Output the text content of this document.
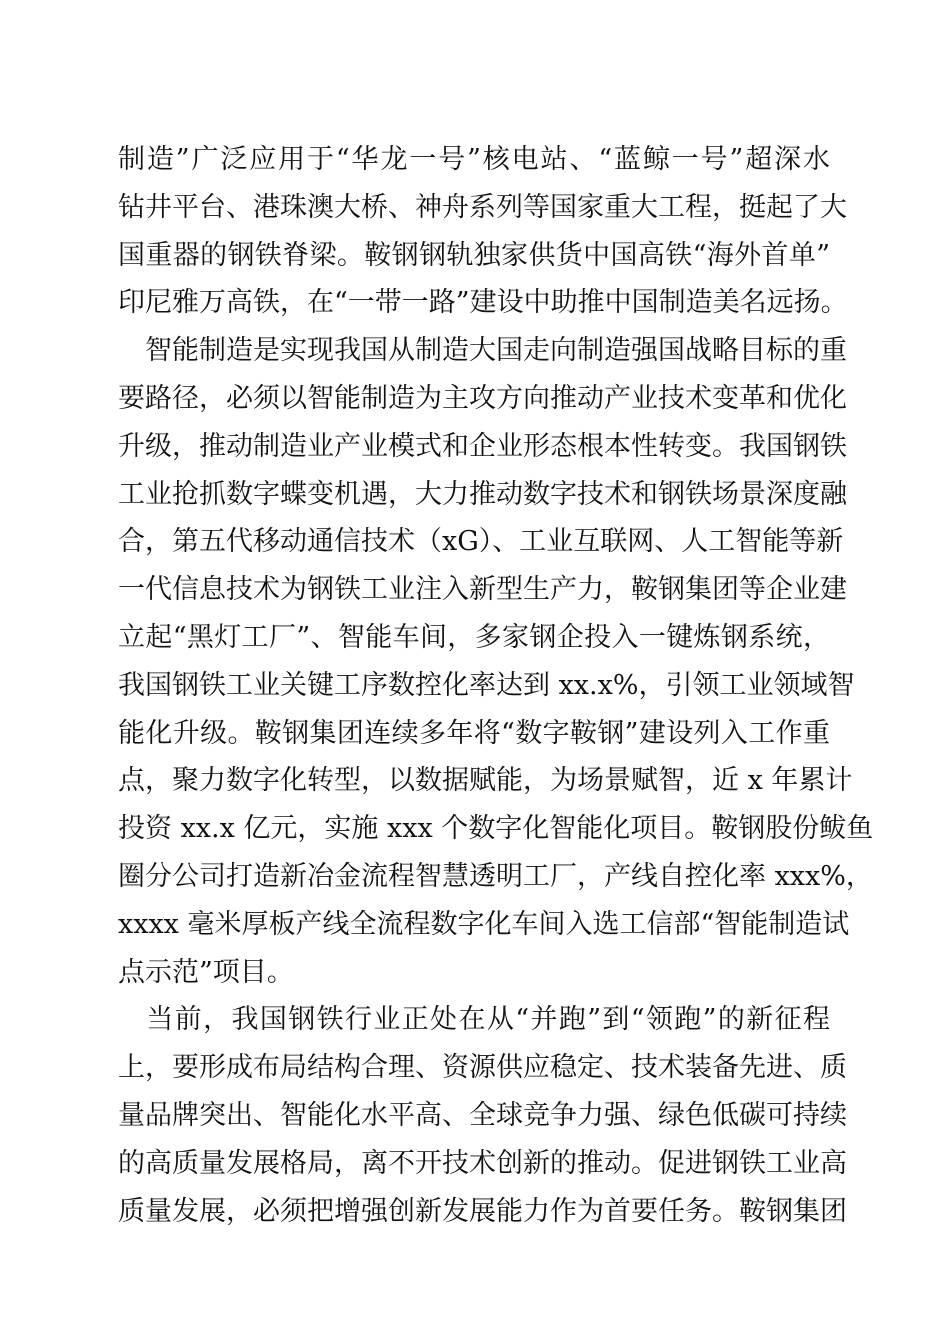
制造”广泛应用于“华龙一号”核电站、“蓝鲸一号”超深水
钻井平台、港珠澳大桥、神舟系列等国家重大工程，挺起了大
国重器的钢铁脊梁。鞍钢钢轨独家供货中国高铁“海外首单”
印尼雅万高铁，在“一带一路”建设中助推中国制造美名远扬。
　智能制造是实现我国从制造大国走向制造强国战略目标的重
要路径，必须以智能制造为主攻方向推动产业技术变革和优化
升级，推动制造业产业模式和企业形态根本性转变。我国钢铁
工业抢抓数字蝶变机遇，大力推动数字技术和钢铁场景深度融
合，第五代移动通信技术（xG）、工业互联网、人工智能等新
一代信息技术为钢铁工业注入新型生产力，鞍钢集团等企业建
立起“黑灯工厂”、智能车间，多家钢企投入一键炼钢系统，
我国钢铁工业关键工序数控化率达到 xx.x%，引领工业领域智
能化升级。鞍钢集团连续多年将“数字鞍钢”建设列入工作重
点，聚力数字化转型，以数据赋能，为场景赋智，近 x 年累计
投资 xx.x 亿元，实施 xxx 个数字化智能化项目。鞍钢股份鲅鱼
圈分公司打造新冶金流程智慧透明工厂，产线自控化率 xxx%，
xxxx 毫米厚板产线全流程数字化车间入选工信部“智能制造试
点示范”项目。
　当前，我国钢铁行业正处在从“并跑”到“领跑”的新征程
上，要形成布局结构合理、资源供应稳定、技术装备先进、质
量品牌突出、智能化水平高、全球竞争力强、绿色低碳可持续
的高质量发展格局，离不开技术创新的推动。促进钢铁工业高
质量发展，必须把增强创新发展能力作为首要任务。鞍钢集团
